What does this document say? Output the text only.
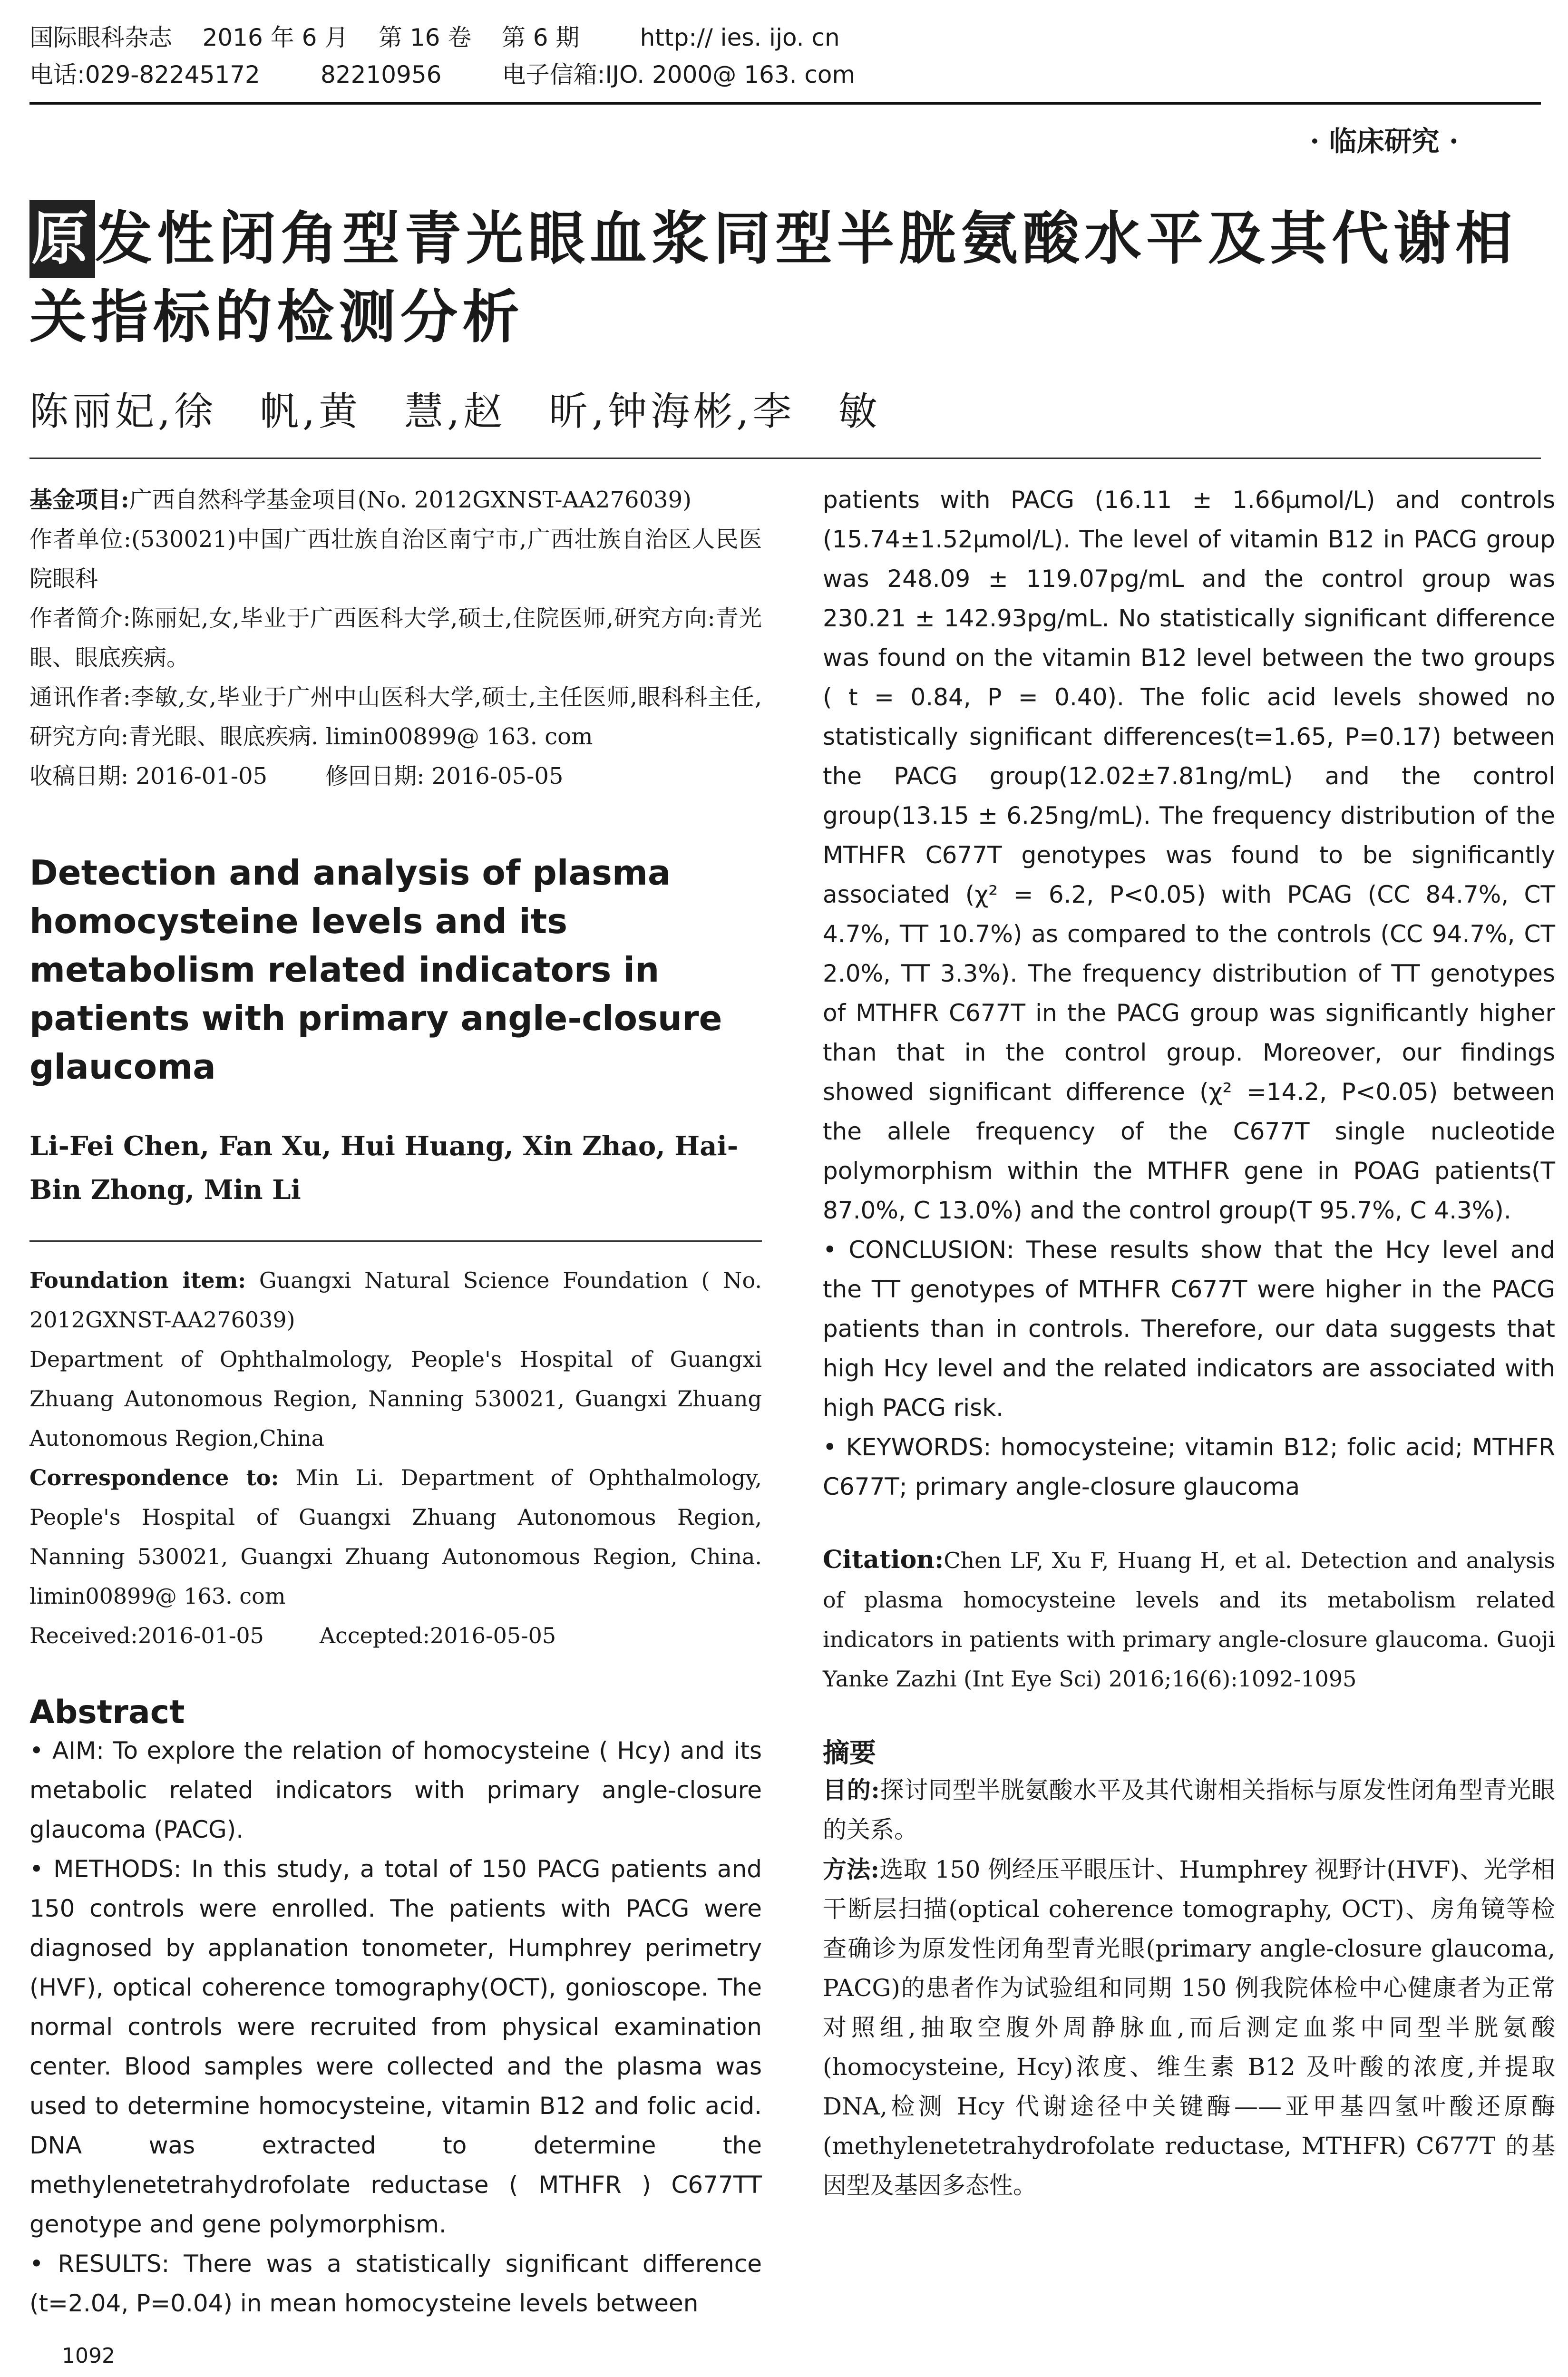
国际眼科杂志    2016 年 6 月    第 16 卷    第 6 期        http:// ies. ijo. cn
电话:029-82245172        82210956        电子信箱:IJO. 2000@ 163. com
· 临床研究 ·
原发性闭角型青光眼血浆同型半胱氨酸水平及其代谢相关指标的检测分析
陈丽妃,徐　帆,黄　慧,赵　昕,钟海彬,李　敏

基金项目:广西自然科学基金项目(No. 2012GXNST-AA276039)

作者单位:(530021)中国广西壮族自治区南宁市,广西壮族自治区人民医院眼科

作者简介:陈丽妃,女,毕业于广西医科大学,硕士,住院医师,研究方向:青光眼、眼底疾病。

通讯作者:李敏,女,毕业于广州中山医科大学,硕士,主任医师,眼科科主任,研究方向:青光眼、眼底疾病. limin00899@ 163. com

收稿日期: 2016-01-05        修回日期: 2016-05-05

Detection and analysis of plasma homocysteine levels and its metabolism related indicators in patients with primary angle-closure glaucoma
Li-Fei Chen, Fan Xu, Hui Huang, Xin Zhao, Hai-Bin Zhong, Min Li

Foundation item: Guangxi Natural Science Foundation ( No. 2012GXNST-AA276039)

Department of Ophthalmology, People's Hospital of Guangxi Zhuang Autonomous Region, Nanning 530021, Guangxi Zhuang Autonomous Region,China

Correspondence to: Min Li. Department of Ophthalmology, People's Hospital of Guangxi Zhuang Autonomous Region, Nanning 530021, Guangxi Zhuang Autonomous Region, China. limin00899@ 163. com

Received:2016-01-05        Accepted:2016-05-05

Abstract

• AIM: To explore the relation of homocysteine ( Hcy) and its metabolic related indicators with primary angle-closure glaucoma (PACG).

• METHODS: In this study, a total of 150 PACG patients and 150 controls were enrolled. The patients with PACG were diagnosed by applanation tonometer, Humphrey perimetry (HVF), optical coherence tomography(OCT), gonioscope. The normal controls were recruited from physical examination center. Blood samples were collected and the plasma was used to determine homocysteine, vitamin B12 and folic acid. DNA was extracted to determine the methylenetetrahydrofolate reductase ( MTHFR ) C677TT genotype and gene polymorphism.

• RESULTS: There was a statistically significant difference (t=2.04, P=0.04) in mean homocysteine levels between

patients with PACG (16.11 ± 1.66μmol/L) and controls (15.74±1.52μmol/L). The level of vitamin B12 in PACG group was 248.09 ± 119.07pg/mL and the control group was 230.21 ± 142.93pg/mL. No statistically significant difference was found on the vitamin B12 level between the two groups ( t = 0.84, P = 0.40). The folic acid levels showed no statistically significant differences(t=1.65, P=0.17) between the PACG group(12.02±7.81ng/mL) and the control group(13.15 ± 6.25ng/mL). The frequency distribution of the MTHFR C677T genotypes was found to be significantly associated (χ² = 6.2, P<0.05) with PCAG (CC 84.7%, CT 4.7%, TT 10.7%) as compared to the controls (CC 94.7%, CT 2.0%, TT 3.3%). The frequency distribution of TT genotypes of MTHFR C677T in the PACG group was significantly higher than that in the control group. Moreover, our findings showed significant difference (χ² =14.2, P<0.05) between the allele frequency of the C677T single nucleotide polymorphism within the MTHFR gene in POAG patients(T 87.0%, C 13.0%) and the control group(T 95.7%, C 4.3%).

• CONCLUSION: These results show that the Hcy level and the TT genotypes of MTHFR C677T were higher in the PACG patients than in controls. Therefore, our data suggests that high Hcy level and the related indicators are associated with high PACG risk.

• KEYWORDS: homocysteine; vitamin B12; folic acid; MTHFR C677T; primary angle-closure glaucoma

Citation:Chen LF, Xu F, Huang H, et al. Detection and analysis of plasma homocysteine levels and its metabolism related indicators in patients with primary angle-closure glaucoma. Guoji Yanke Zazhi (Int Eye Sci) 2016;16(6):1092-1095
摘要

目的:探讨同型半胱氨酸水平及其代谢相关指标与原发性闭角型青光眼的关系。

方法:选取 150 例经压平眼压计、Humphrey 视野计(HVF)、光学相干断层扫描(optical coherence tomography, OCT)、房角镜等检查确诊为原发性闭角型青光眼(primary angle-closure glaucoma, PACG)的患者作为试验组和同期 150 例我院体检中心健康者为正常对照组,抽取空腹外周静脉血,而后测定血浆中同型半胱氨酸(homocysteine, Hcy)浓度、维生素 B12 及叶酸的浓度,并提取 DNA,检测 Hcy 代谢途径中关键酶——亚甲基四氢叶酸还原酶(methylenetetrahydrofolate reductase, MTHFR) C677T 的基因型及基因多态性。

1092
